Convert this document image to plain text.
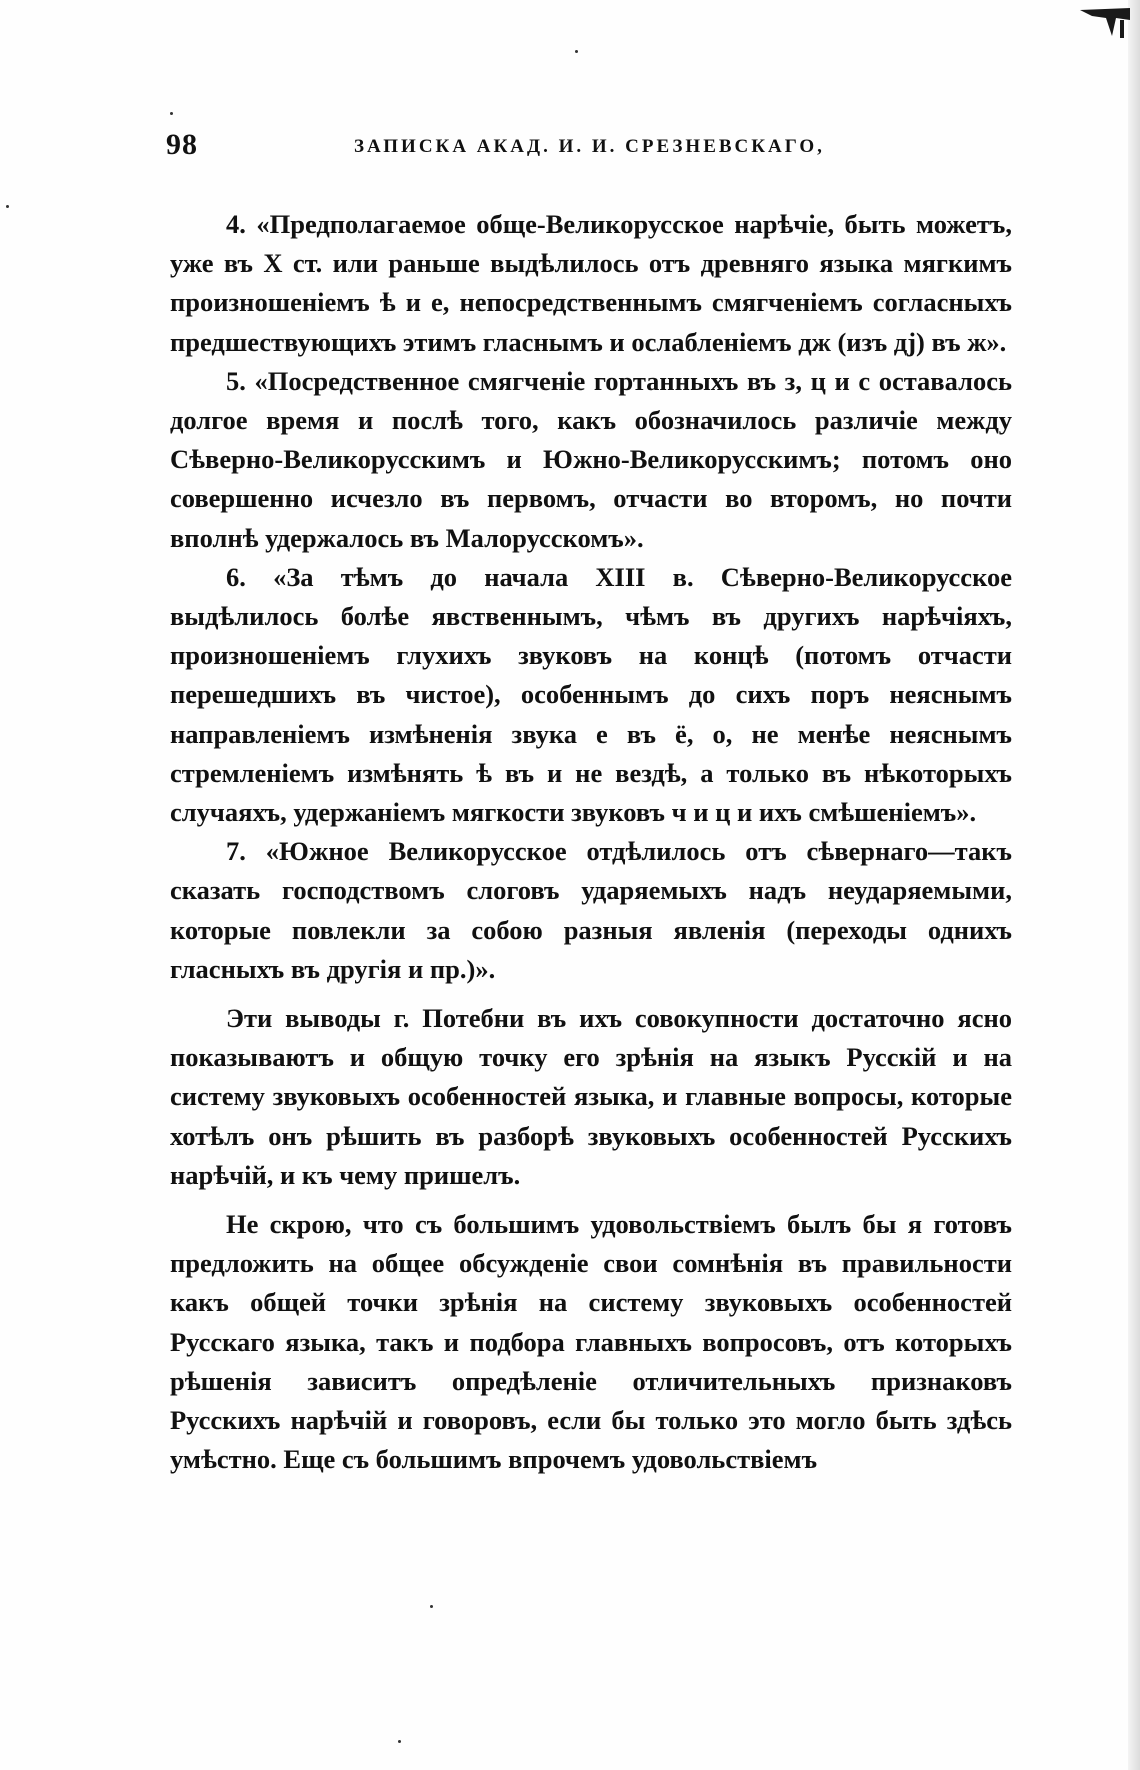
98	ЗАПИСКА АКАД. И. И. СРЕЗНЕВСКАГО,

4. «Предполагаемое обще-Великорусское нарѣчіе, быть можетъ, уже въ X ст. или раньше выдѣлилось отъ древняго языка мягкимъ произношеніемъ ѣ и е, непосредственнымъ смягченіемъ согласныхъ предшествующихъ этимъ гласнымъ и ослабленіемъ дж (изъ дј) въ ж».

5. «Посредственное смягченіе гортанныхъ въ з, ц и с оставалось долгое время и послѣ того, какъ обозначилось различіе между Сѣверно-Великорусскимъ и Южно-Великорусскимъ; потомъ оно совершенно исчезло въ первомъ, отчасти во второмъ, но почти вполнѣ удержалось въ Малорусскомъ».

6. «За тѣмъ до начала XIII в. Сѣверно-Великорусское выдѣлилось болѣе явственнымъ, чѣмъ въ другихъ нарѣчіяхъ, произношеніемъ глухихъ звуковъ на концѣ (потомъ отчасти перешедшихъ въ чистое), особеннымъ до сихъ поръ неяснымъ направленіемъ измѣненія звука е въ ё, о, не менѣе неяснымъ стремленіемъ измѣнять ѣ въ и не вездѣ, а только въ нѣкоторыхъ случаяхъ, удержаніемъ мягкости звуковъ ч и ц и ихъ смѣшеніемъ».

7. «Южное Великорусское отдѣлилось отъ сѣвернаго—такъ сказать господствомъ слоговъ ударяемыхъ надъ неударяемыми, которые повлекли за собою разныя явленія (переходы однихъ гласныхъ въ другія и пр.)».

Эти выводы г. Потебни въ ихъ совокупности достаточно ясно показываютъ и общую точку его зрѣнія на языкъ Русскій и на систему звуковыхъ особенностей языка, и главные вопросы, которые хотѣлъ онъ рѣшить въ разборѣ звуковыхъ особенностей Русскихъ нарѣчій, и къ чему пришелъ.

Не скрою, что съ большимъ удовольствіемъ былъ бы я готовъ предложить на общее обсужденіе свои сомнѣнія въ правильности какъ общей точки зрѣнія на систему звуковыхъ особенностей Русскаго языка, такъ и подбора главныхъ вопросовъ, отъ которыхъ рѣшенія зависитъ опредѣленіе отличительныхъ признаковъ Русскихъ нарѣчій и говоровъ, если бы только это могло быть здѣсь умѣстно. Еще съ большимъ впрочемъ удовольствіемъ
